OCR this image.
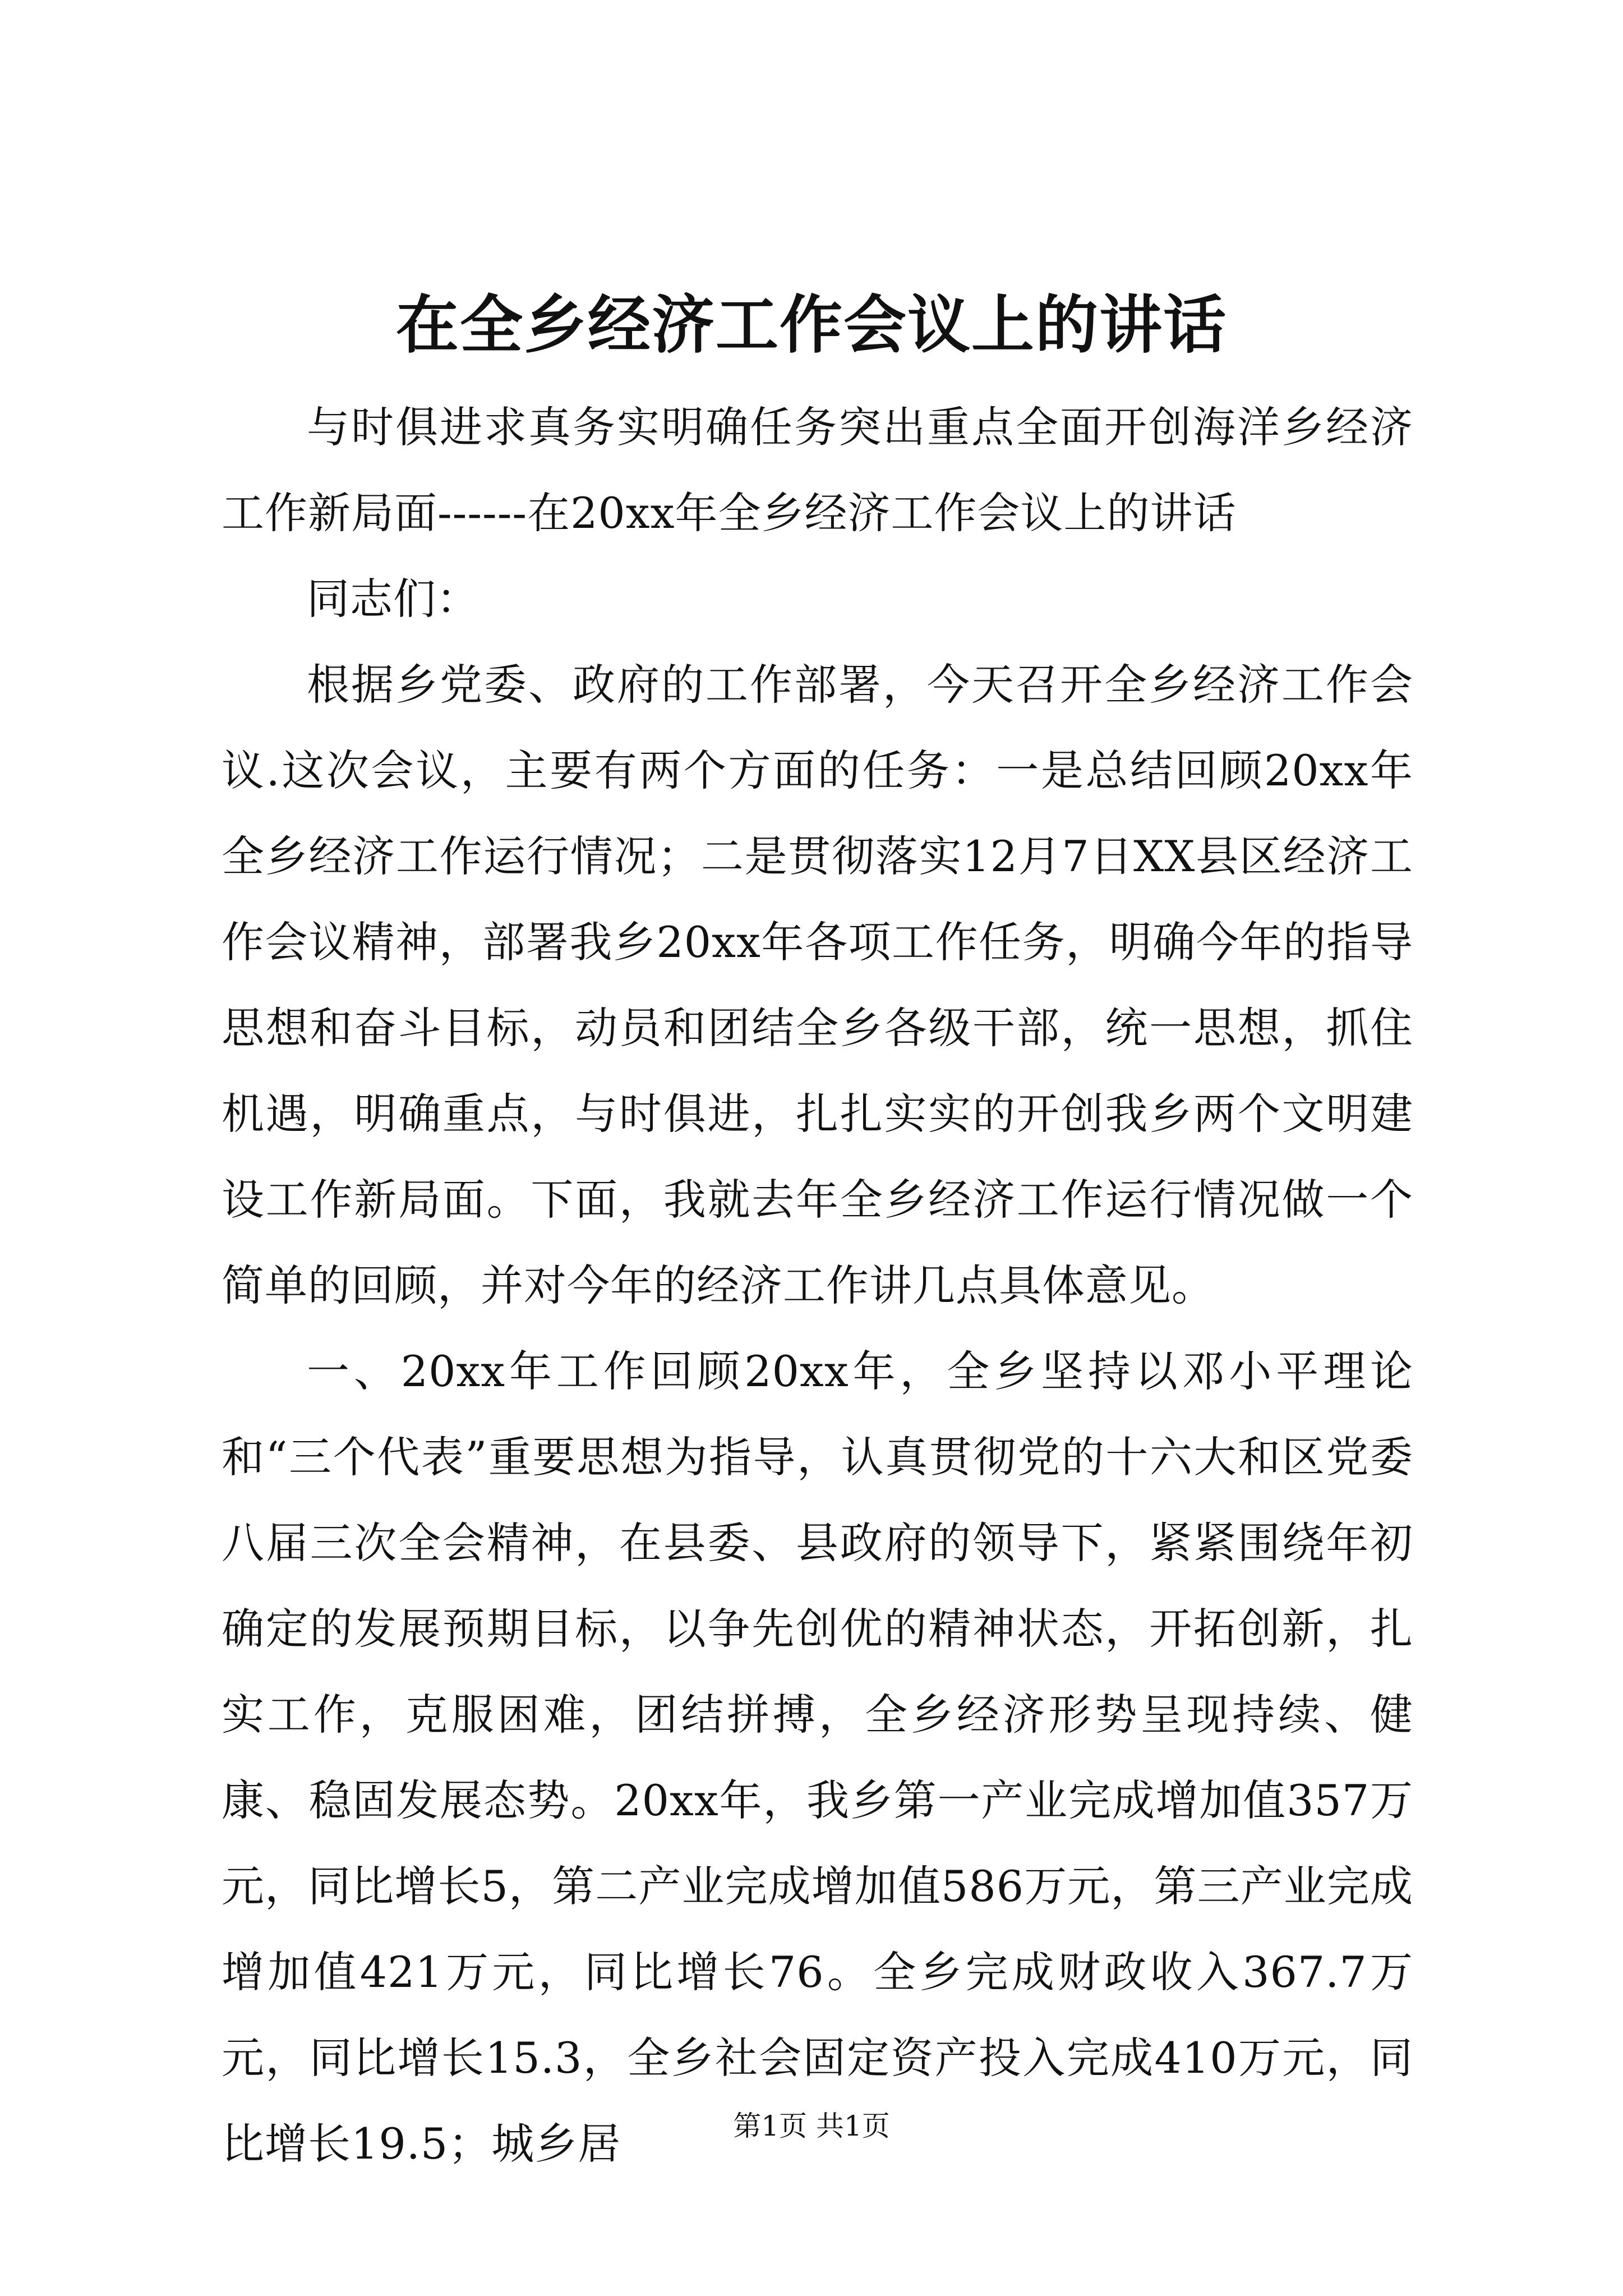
在全乡经济工作会议上的讲话

与时俱进求真务实明确任务突出重点全面开创海洋乡经济工作新局面------在20xx年全乡经济工作会议上的讲话

同志们：

根据乡党委、政府的工作部署，今天召开全乡经济工作会议.这次会议，主要有两个方面的任务：一是总结回顾20xx年全乡经济工作运行情况；二是贯彻落实12月7日XX县区经济工作会议精神，部署我乡20xx年各项工作任务，明确今年的指导思想和奋斗目标，动员和团结全乡各级干部，统一思想，抓住机遇，明确重点，与时俱进，扎扎实实的开创我乡两个文明建设工作新局面。下面，我就去年全乡经济工作运行情况做一个简单的回顾，并对今年的经济工作讲几点具体意见。

一、20xx年工作回顾20xx年，全乡坚持以邓小平理论和“三个代表”重要思想为指导，认真贯彻党的十六大和区党委八届三次全会精神，在县委、县政府的领导下，紧紧围绕年初确定的发展预期目标，以争先创优的精神状态，开拓创新，扎实工作，克服困难，团结拼搏，全乡经济形势呈现持续、健康、稳固发展态势。20xx年，我乡第一产业完成增加值357万元，同比增长5，第二产业完成增加值586万元，第三产业完成增加值421万元，同比增长76。全乡完成财政收入367.7万元，同比增长15.3，全乡社会固定资产投入完成410万元，同比增长19.5；城乡居	第1页 共1页
